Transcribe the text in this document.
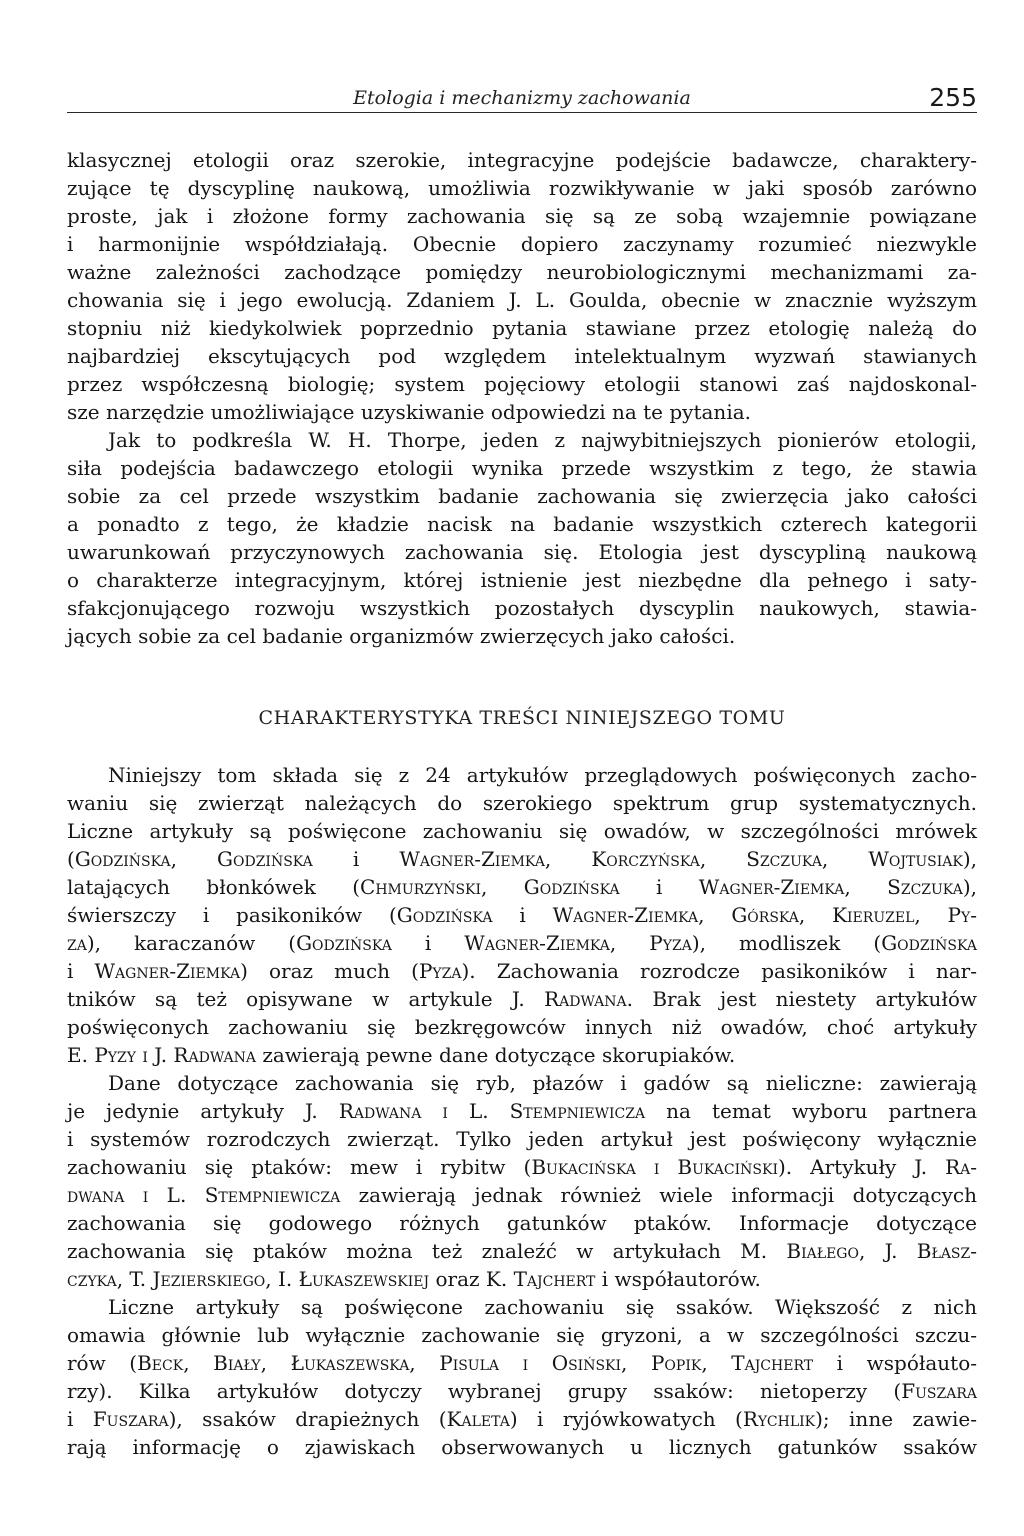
Etologia i mechanizmy zachowania	255
klasycznej etologii oraz szerokie, integracyjne podejście badawcze, charaktery-
zujące tę dyscyplinę naukową, umożliwia rozwikływanie w jaki sposób zarówno
proste, jak i złożone formy zachowania się są ze sobą wzajemnie powiązane
i harmonijnie współdziałają. Obecnie dopiero zaczynamy rozumieć niezwykle
ważne zależności zachodzące pomiędzy neurobiologicznymi mechanizmami za-
chowania się i jego ewolucją. Zdaniem J. L. Goulda, obecnie w znacznie wyższym
stopniu niż kiedykolwiek poprzednio pytania stawiane przez etologię należą do
najbardziej ekscytujących pod względem intelektualnym wyzwań stawianych
przez współczesną biologię; system pojęciowy etologii stanowi zaś najdoskonal-
sze narzędzie umożliwiające uzyskiwanie odpowiedzi na te pytania.
Jak to podkreśla W. H. Thorpe, jeden z najwybitniejszych pionierów etologii,
siła podejścia badawczego etologii wynika przede wszystkim z tego, że stawia
sobie za cel przede wszystkim badanie zachowania się zwierzęcia jako całości
a ponadto z tego, że kładzie nacisk na badanie wszystkich czterech kategorii
uwarunkowań przyczynowych zachowania się. Etologia jest dyscypliną naukową
o charakterze integracyjnym, której istnienie jest niezbędne dla pełnego i saty-
sfakcjonującego rozwoju wszystkich pozostałych dyscyplin naukowych, stawia-
jących sobie za cel badanie organizmów zwierzęcych jako całości.
CHARAKTERYSTYKA TREŚCI NINIEJSZEGO TOMU
Niniejszy tom składa się z 24 artykułów przeglądowych poświęconych zacho-
waniu się zwierząt należących do szerokiego spektrum grup systematycznych.
Liczne artykuły są poświęcone zachowaniu się owadów, w szczególności mrówek
(Godzińska, Godzińska i Wagner-Ziemka, Korczyńska, Szczuka, Wojtusiak),
latających błonkówek (Chmurzyński, Godzińska i Wagner-Ziemka, Szczuka),
świerszczy i pasikoników (Godzińska i Wagner-Ziemka, Górska, Kieruzel, Py-
za), karaczanów (Godzińska i Wagner-Ziemka, Pyza), modliszek (Godzińska
i Wagner-Ziemka) oraz much (Pyza). Zachowania rozrodcze pasikoników i nar-
tników są też opisywane w artykule J. Radwana. Brak jest niestety artykułów
poświęconych zachowaniu się bezkręgowców innych niż owadów, choć artykuły
E. Pyzy i J. Radwana zawierają pewne dane dotyczące skorupiaków.
Dane dotyczące zachowania się ryb, płazów i gadów są nieliczne: zawierają
je jedynie artykuły J. Radwana i L. Stempniewicza na temat wyboru partnera
i systemów rozrodczych zwierząt. Tylko jeden artykuł jest poświęcony wyłącznie
zachowaniu się ptaków: mew i rybitw (Bukacińska i Bukaciński). Artykuły J. Ra-
dwana i L. Stempniewicza zawierają jednak również wiele informacji dotyczących
zachowania się godowego różnych gatunków ptaków. Informacje dotyczące
zachowania się ptaków można też znaleźć w artykułach M. Białego, J. Błasz-
czyka, T. Jezierskiego, I. Łukaszewskiej oraz K. Tajchert i współautorów.
Liczne artykuły są poświęcone zachowaniu się ssaków. Większość z nich
omawia głównie lub wyłącznie zachowanie się gryzoni, a w szczególności szczu-
rów (Beck, Biały, Łukaszewska, Pisula i Osiński, Popik, Tajchert i współauto-
rzy). Kilka artykułów dotyczy wybranej grupy ssaków: nietoperzy (Fuszara
i Fuszara), ssaków drapieżnych (Kaleta) i ryjówkowatych (Rychlik); inne zawie-
rają informację o zjawiskach obserwowanych u licznych gatunków ssaków
